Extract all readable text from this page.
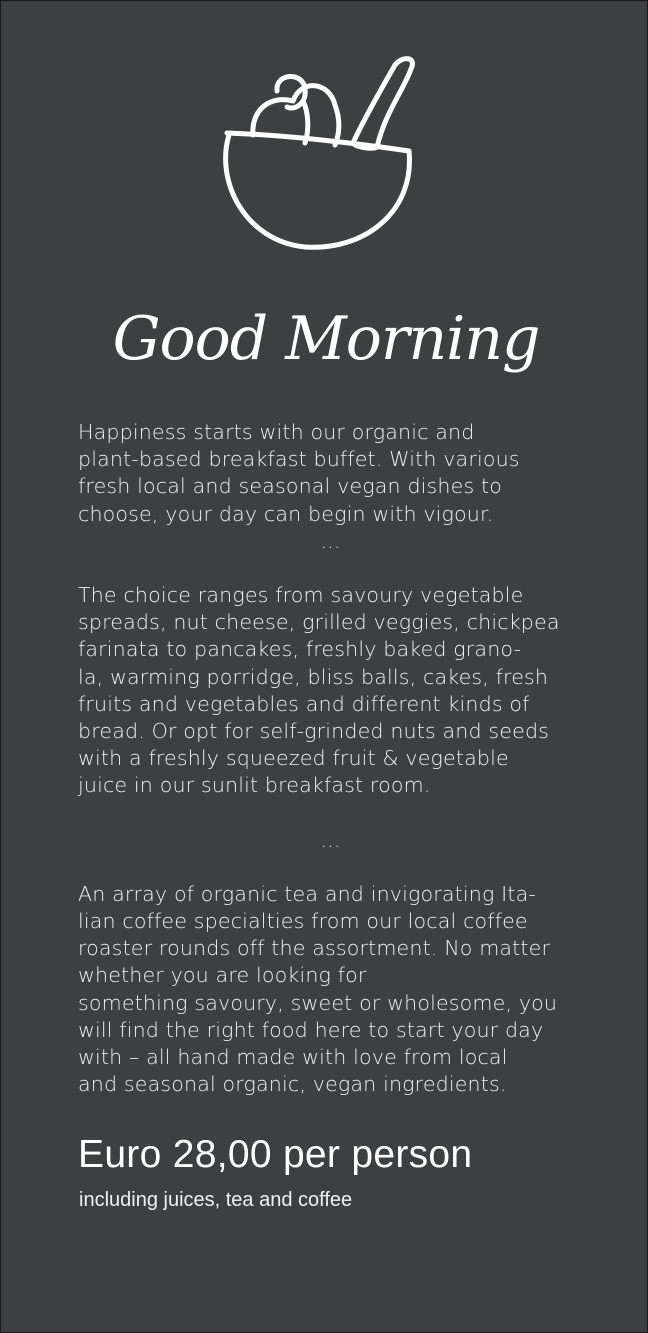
Good Morning

Happiness starts with our organic and
plant-based breakfast buffet. With various
fresh local and seasonal vegan dishes to
choose, your day can begin with vigour.

...

The choice ranges from savoury vegetable
spreads, nut cheese, grilled veggies, chickpea
farinata to pancakes, freshly baked grano-
la, warming porridge, bliss balls, cakes, fresh
fruits and vegetables and different kinds of
bread. Or opt for self-grinded nuts and seeds
with a freshly squeezed fruit & vegetable
juice in our sunlit breakfast room.

...

An array of organic tea and invigorating Ita-
lian coffee specialties from our local coffee
roaster rounds off the assortment. No matter
whether you are looking for
something savoury, sweet or wholesome, you
will find the right food here to start your day
with – all hand made with love from local
and seasonal organic, vegan ingredients.

Euro 28,00 per person
including juices, tea and coffee
